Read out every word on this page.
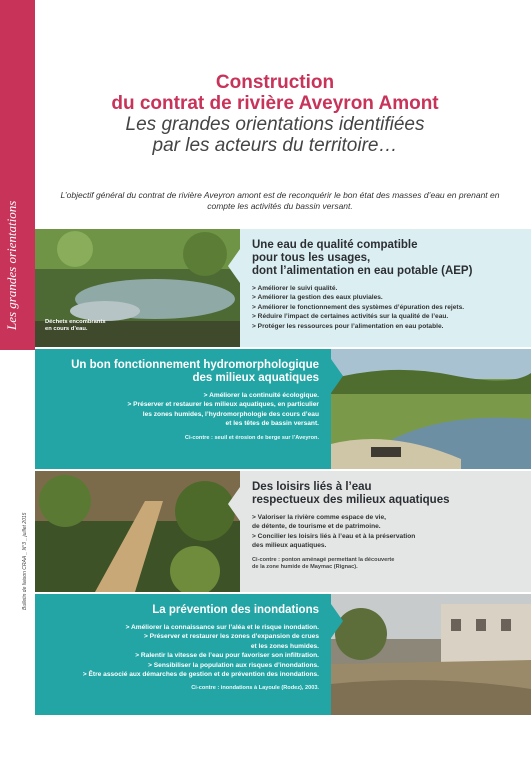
Les grandes orientations
Bulletin de liaison CRAA _ N°3 _ juillet 2015
Construction
du contrat de rivière Aveyron Amont
Les grandes orientations identifiées
par les acteurs du territoire…
L’objectif général du contrat de rivière Aveyron amont est de reconquérir le bon état des masses d’eau en prenant en compte les activités du bassin versant.
Déchets encombrants
en cours d’eau.
Une eau de qualité compatible
pour tous les usages,
dont l’alimentation en eau potable (AEP)
> Améliorer le suivi qualité.
> Améliorer la gestion des eaux pluviales.
> Améliorer le fonctionnement des systèmes d’épuration des rejets.
> Réduire l’impact de certaines activités sur la qualité de l’eau.
> Protéger les ressources pour l’alimentation en eau potable.
Un bon fonctionnement hydromorphologique
des milieux aquatiques
> Améliorer la continuité écologique.
> Préserver et restaurer les milieux aquatiques, en particulier
les zones humides, l’hydromorphologie des cours d’eau
et les têtes de bassin versant.
Ci-contre : seuil et érosion de berge sur l’Aveyron.
Des loisirs liés à l’eau
respectueux des milieux aquatiques
> Valoriser la rivière comme espace de vie,
de détente, de tourisme et de patrimoine.
> Concilier les loisirs liés à l’eau et à la préservation
des milieux aquatiques.
Ci-contre : ponton aménagé permettant la découverte
de la zone humide de Maymac (Rignac).
La prévention des inondations
> Améliorer la connaissance sur l’aléa et le risque inondation.
> Préserver et restaurer les zones d’expansion de crues
et les zones humides.
> Ralentir la vitesse de l’eau pour favoriser son infiltration.
> Sensibiliser la population aux risques d’inondations.
> Être associé aux démarches de gestion et de prévention des inondations.
Ci-contre : inondations à Layoule (Rodez), 2003.
